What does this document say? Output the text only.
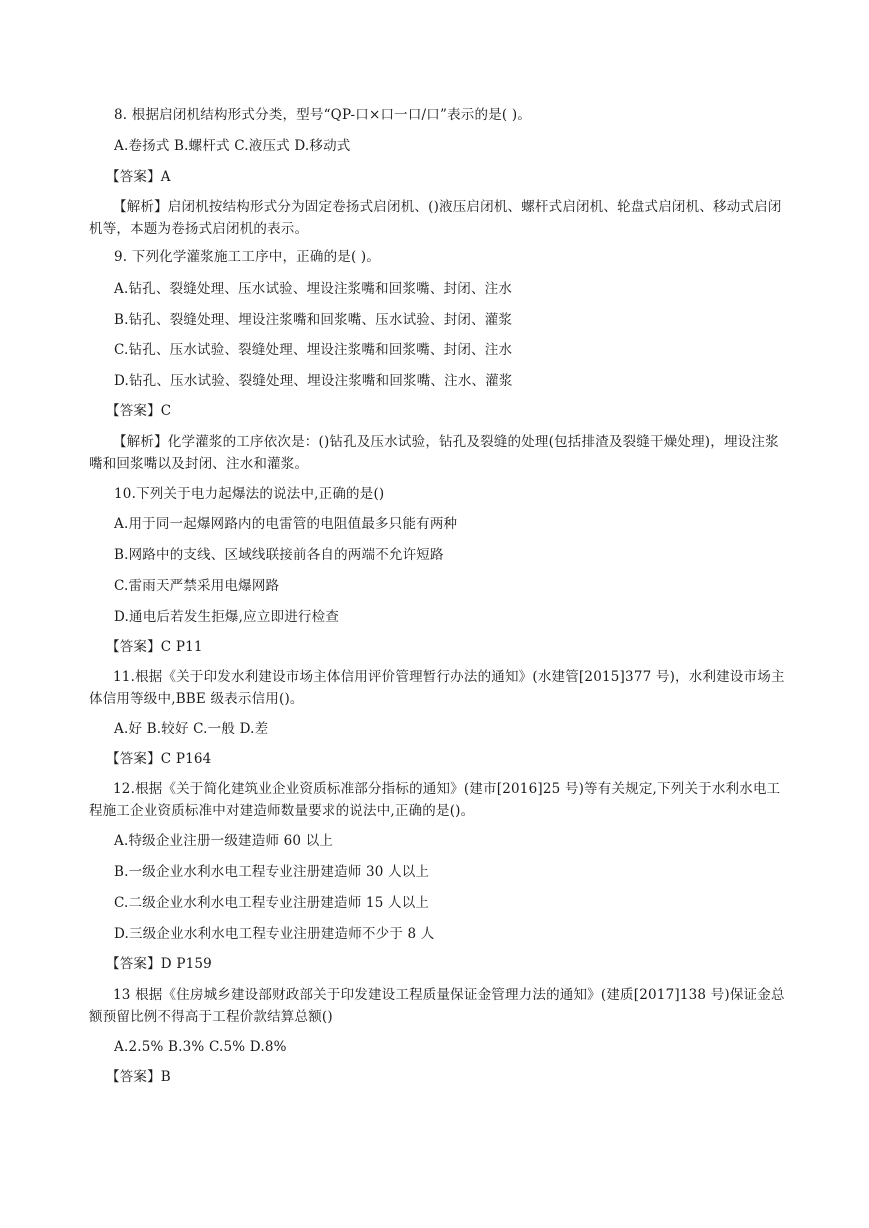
8. 根据启闭机结构形式分类，型号“QP-口×口一口/口”表示的是( )。
A.卷扬式 B.螺杆式 C.液压式 D.移动式
【答案】A
【解析】启闭机按结构形式分为固定卷扬式启闭机、()液压启闭机、螺杆式启闭机、轮盘式启闭机、移动式启闭机等，本题为卷扬式启闭机的表示。
9. 下列化学灌浆施工工序中，正确的是( )。
A.钻孔、裂缝处理、压水试验、埋设注浆嘴和回浆嘴、封闭、注水
B.钻孔、裂缝处理、埋设注浆嘴和回浆嘴、压水试验、封闭、灌浆
C.钻孔、压水试验、裂缝处理、埋设注浆嘴和回浆嘴、封闭、注水
D.钻孔、压水试验、裂缝处理、埋设注浆嘴和回浆嘴、注水、灌浆
【答案】C
【解析】化学灌浆的工序依次是：()钻孔及压水试验，钻孔及裂缝的处理(包括排渣及裂缝干燥处理)，埋设注浆嘴和回浆嘴以及封闭、注水和灌浆。
10.下列关于电力起爆法的说法中,正确的是()
A.用于同一起爆网路内的电雷管的电阻值最多只能有两种
B.网路中的支线、区域线联接前各自的两端不允许短路
C.雷雨天严禁采用电爆网路
D.通电后若发生拒爆,应立即进行检查
【答案】C P11
11.根据《关于印发水利建设市场主体信用评价管理暂行办法的通知》(水建管[2015]377 号)，水利建设市场主体信用等级中,BBE 级表示信用()。
A.好 B.较好 C.一般 D.差
【答案】C P164
12.根据《关于简化建筑业企业资质标准部分指标的通知》(建市[2016]25 号)等有关规定,下列关于水利水电工程施工企业资质标准中对建造师数量要求的说法中,正确的是()。
A.特级企业注册一级建造师 60 以上
B.一级企业水利水电工程专业注册建造师 30 人以上
C.二级企业水利水电工程专业注册建造师 15 人以上
D.三级企业水利水电工程专业注册建造师不少于 8 人
【答案】D P159
13 根据《住房城乡建设部财政部关于印发建设工程质量保证金管理力法的通知》(建质[2017]138 号)保证金总额预留比例不得高于工程价款结算总额()
A.2.5% B.3% C.5% D.8%
【答案】B
